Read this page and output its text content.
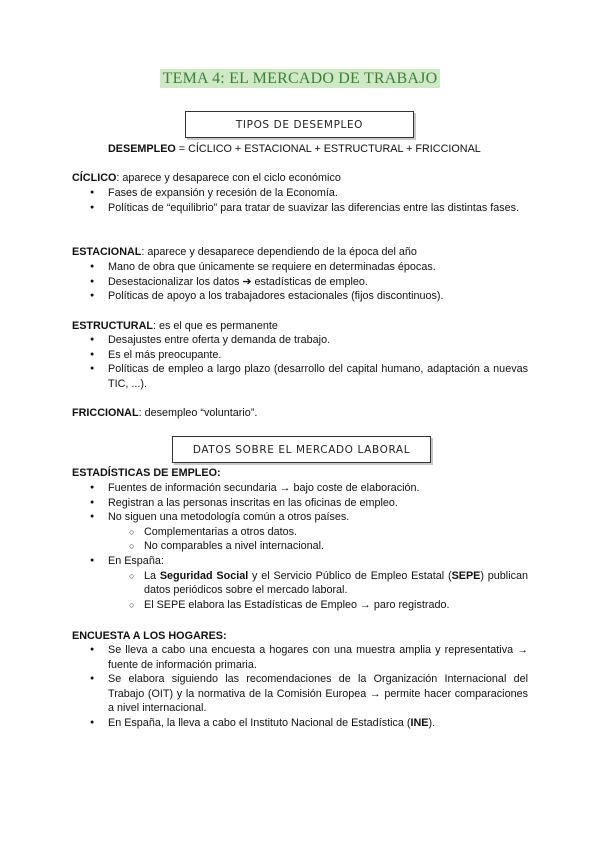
TEMA 4: EL MERCADO DE TRABAJO
TIPOS DE DESEMPLEO
DESEMPLEO = CÍCLICO + ESTACIONAL + ESTRUCTURAL + FRICCIONAL
CÍCLICO: aparece y desaparece con el ciclo económico
● Fases de expansión y recesión de la Economía.
● Políticas de “equilibrio” para tratar de suavizar las diferencias entre las distintas fases.
ESTACIONAL: aparece y desaparece dependiendo de la época del año
● Mano de obra que únicamente se requiere en determinadas épocas.
● Desestacionalizar los datos ➔ estadísticas de empleo.
● Políticas de apoyo a los trabajadores estacionales (fijos discontinuos).
ESTRUCTURAL: es el que es permanente
● Desajustes entre oferta y demanda de trabajo.
● Es el más preocupante.
● Políticas de empleo a largo plazo (desarrollo del capital humano, adaptación a nuevas TIC, ...).
FRICCIONAL: desempleo “voluntario”.
DATOS SOBRE EL MERCADO LABORAL
ESTADÍSTICAS DE EMPLEO:
● Fuentes de información secundaria → bajo coste de elaboración.
● Registran a las personas inscritas en las oficinas de empleo.
● No siguen una metodología común a otros países.
○ Complementarias a otros datos.
○ No comparables a nivel internacional.
● En España:
○ La Seguridad Social y el Servicio Público de Empleo Estatal (SEPE) publican datos periódicos sobre el mercado laboral.
○ El SEPE elabora las Estadísticas de Empleo → paro registrado.
ENCUESTA A LOS HOGARES:
● Se lleva a cabo una encuesta a hogares con una muestra amplia y representativa → fuente de información primaria.
● Se elabora siguiendo las recomendaciones de la Organización Internacional del Trabajo (OIT) y la normativa de la Comisión Europea → permite hacer comparaciones a nivel internacional.
● En España, la lleva a cabo el Instituto Nacional de Estadística (INE).
